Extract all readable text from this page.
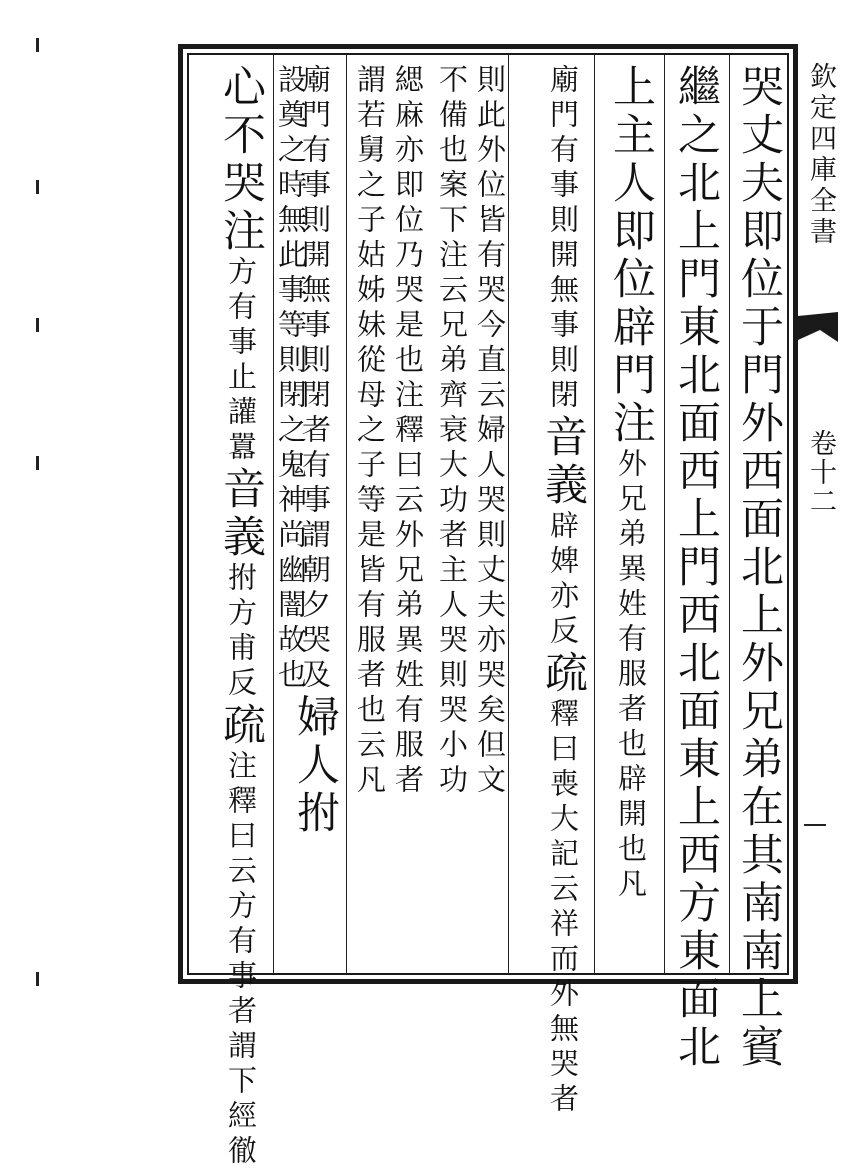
哭丈夫即位于門外西面北上外兄弟在其南南上賓
繼之北上門東北面西上門西北面東上西方東面北
上主人即位辟門注外兄弟異姓有服者也辟開也凡
廟門有事則開無事則閉音義辟婢亦反疏釋曰喪大記云祥而外無哭者
則此外位皆有哭今直云婦人哭則丈夫亦哭矣但文
不備也案下注云兄弟齊衰大功者主人哭則哭小功
緦麻亦即位乃哭是也注釋曰云外兄弟異姓有服者
謂若舅之子姑姊妹從母之子等是皆有服者也云凡
廟門有事則開無事則閉者有事謂朝夕哭及婦人拊
設奠之時無此事等則閉之鬼神尚幽闇故也
心不哭注方有事止讙囂音義拊方甫反疏注釋曰云方有事者謂下經徹
欽定四庫全書
卷十二
